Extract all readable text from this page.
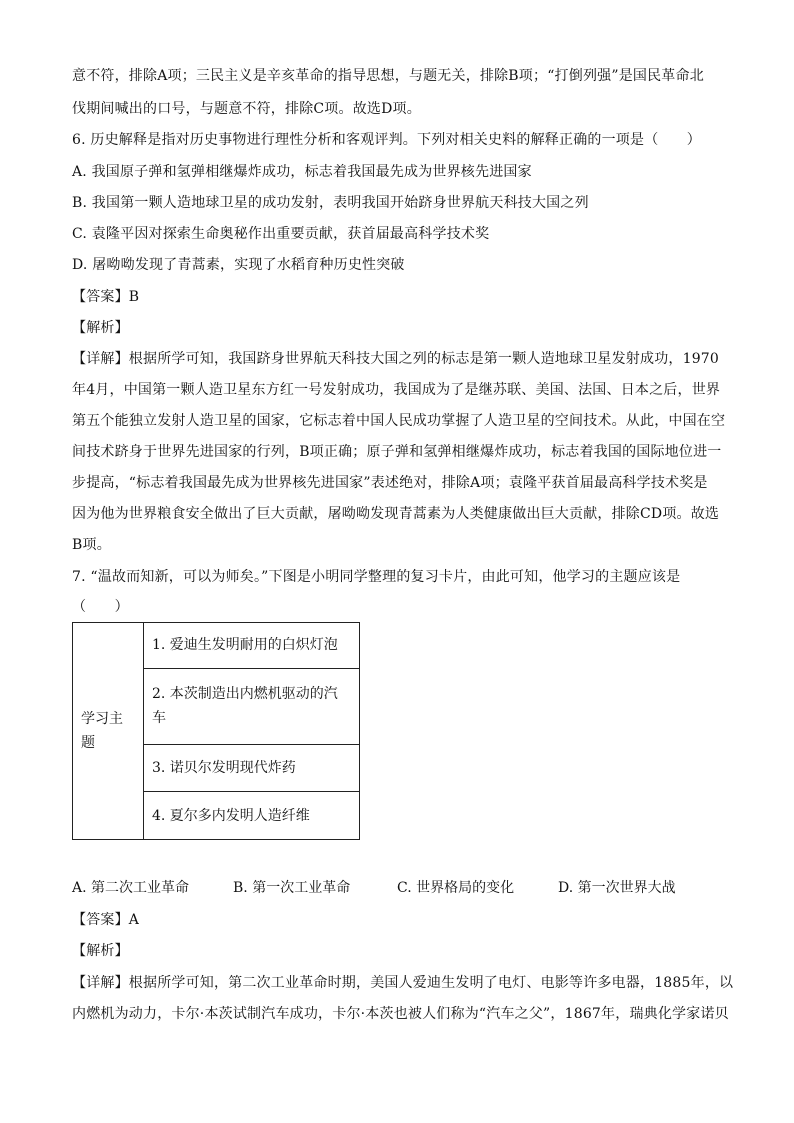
意不符，排除A项；三民主义是辛亥革命的指导思想，与题无关，排除B项；“打倒列强”是国民革命北
伐期间喊出的口号，与题意不符，排除C项。故选D项。
6. 历史解释是指对历史事物进行理性分析和客观评判。下列对相关史料的解释正确的一项是（　　）
A. 我国原子弹和氢弹相继爆炸成功，标志着我国最先成为世界核先进国家
B. 我国第一颗人造地球卫星的成功发射，表明我国开始跻身世界航天科技大国之列
C. 袁隆平因对探索生命奥秘作出重要贡献，获首届最高科学技术奖
D. 屠呦呦发现了青蒿素，实现了水稻育种历史性突破
【答案】B
【解析】
【详解】根据所学可知，我国跻身世界航天科技大国之列的标志是第一颗人造地球卫星发射成功，1970
年4月，中国第一颗人造卫星东方红一号发射成功，我国成为了是继苏联、美国、法国、日本之后，世界
第五个能独立发射人造卫星的国家，它标志着中国人民成功掌握了人造卫星的空间技术。从此，中国在空
间技术跻身于世界先进国家的行列，B项正确；原子弹和氢弹相继爆炸成功，标志着我国的国际地位进一
步提高，“标志着我国最先成为世界核先进国家”表述绝对，排除A项；袁隆平获首届最高科学技术奖是
因为他为世界粮食安全做出了巨大贡献，屠呦呦发现青蒿素为人类健康做出巨大贡献，排除CD项。故选
B项。
7. “温故而知新，可以为师矣。”下图是小明同学整理的复习卡片，由此可知，他学习的主题应该是
（　　）
学习主
题
	1. 爱迪生发明耐用的白炽灯泡

2. 本茨制造出内燃机驱动的汽
车

3. 诺贝尔发明现代炸药
4. 夏尔多内发明人造纤维
A. 第二次工业革命	B. 第一次工业革命	C. 世界格局的变化	D. 第一次世界大战
【答案】A
【解析】
【详解】根据所学可知，第二次工业革命时期，美国人爱迪生发明了电灯、电影等许多电器，1885年，以
内燃机为动力，卡尔·本茨试制汽车成功，卡尔·本茨也被人们称为“汽车之父”，1867年，瑞典化学家诺贝
